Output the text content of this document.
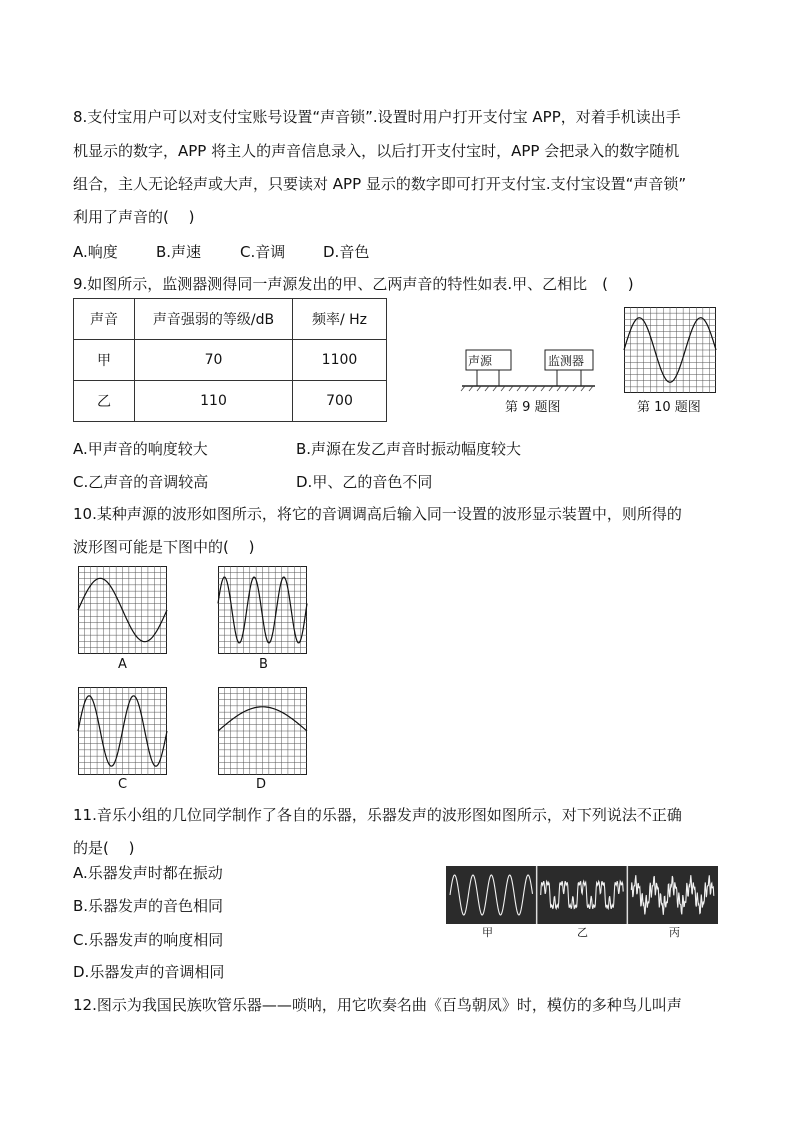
8.支付宝用户可以对支付宝账号设置“声音锁”.设置时用户打开支付宝 APP，对着手机读出手
机显示的数字，APP 将主人的声音信息录入，以后打开支付宝时，APP 会把录入的数字随机
组合，主人无论轻声或大声，只要读对 APP 显示的数字即可打开支付宝.支付宝设置“声音锁”
利用了声音的(　 )
A.响度	B.声速	C.音调	D.音色
9.如图所示，监测器测得同一声源发出的甲、乙两声音的特性如表.甲、乙相比　(　 )
声音	声音强弱的等级/dB	频率/ Hz
甲	70	1100
乙	110	700
声源	监测器
第 9 题图	第 10 题图
A.甲声音的响度较大	B.声源在发乙声音时振动幅度较大
C.乙声音的音调较高	D.甲、乙的音色不同
10.某种声源的波形如图所示，将它的音调调高后输入同一设置的波形显示装置中，则所得的
波形图可能是下图中的(　 )
A	B
C	D
11.音乐小组的几位同学制作了各自的乐器，乐器发声的波形图如图所示，对下列说法不正确
的是(　 )
A.乐器发声时都在振动
B.乐器发声的音色相同
C.乐器发声的响度相同
D.乐器发声的音调相同
甲	乙	丙
12.图示为我国民族吹管乐器——唢呐，用它吹奏名曲《百鸟朝凤》时，模仿的多种鸟儿叫声
